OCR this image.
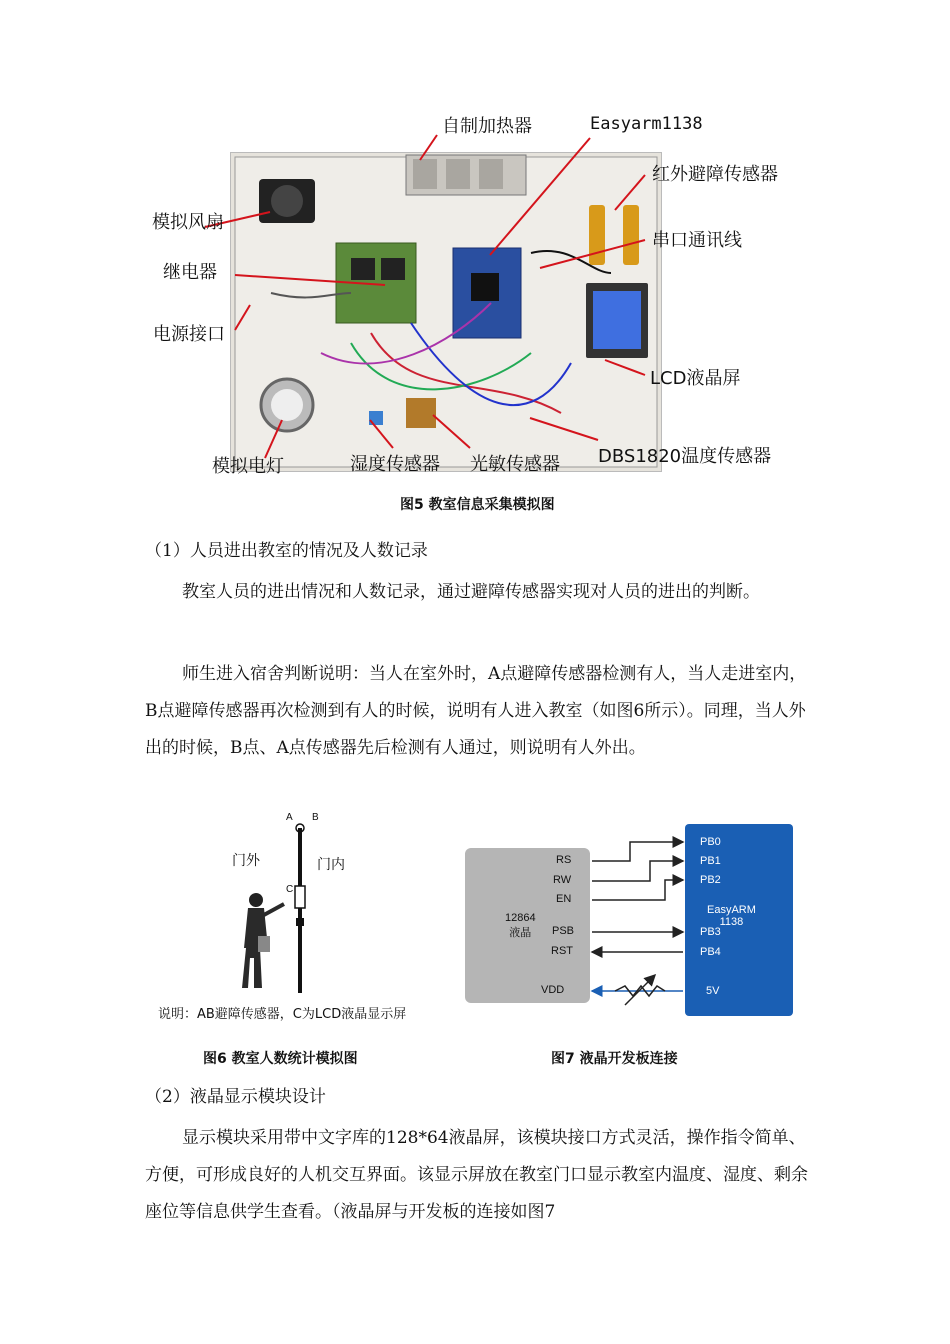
自制加热器	Easyarm1138
红外避障传感器
模拟风扇
串口通讯线
继电器
电源接口
LCD液晶屏
模拟电灯	湿度传感器 光敏传感器 DBS1820温度传感器
图5 教室信息采集模拟图
（1）人员进出教室的情况及人数记录

教室人员的进出情况和人数记录，通过避障传感器实现对人员的进出的判断。

师生进入宿舍判断说明：当人在室外时，A点避障传感器检测有人，当人走进室内，B点避障传感器再次检测到有人的时候，说明有人进入教室（如图6所示）。同理，当人外出的时候，B点、A点传感器先后检测有人通过，则说明有人外出。

A B
C
门外	门内
说明：AB避障传感器，C为LCD液晶显示屏
图6 教室人数统计模拟图
12864
液晶
EasyARM
1138
RS
RW
EN
PSB
RST
VDD
PB0
PB1
PB2
PB3
PB4
5V
图7 液晶开发板连接
（2）液晶显示模块设计

显示模块采用带中文字库的128*64液晶屏，该模块接口方式灵活，操作指令简单、方便，可形成良好的人机交互界面。该显示屏放在教室门口显示教室内温度、湿度、剩余座位等信息供学生查看。（液晶屏与开发板的连接如图7
